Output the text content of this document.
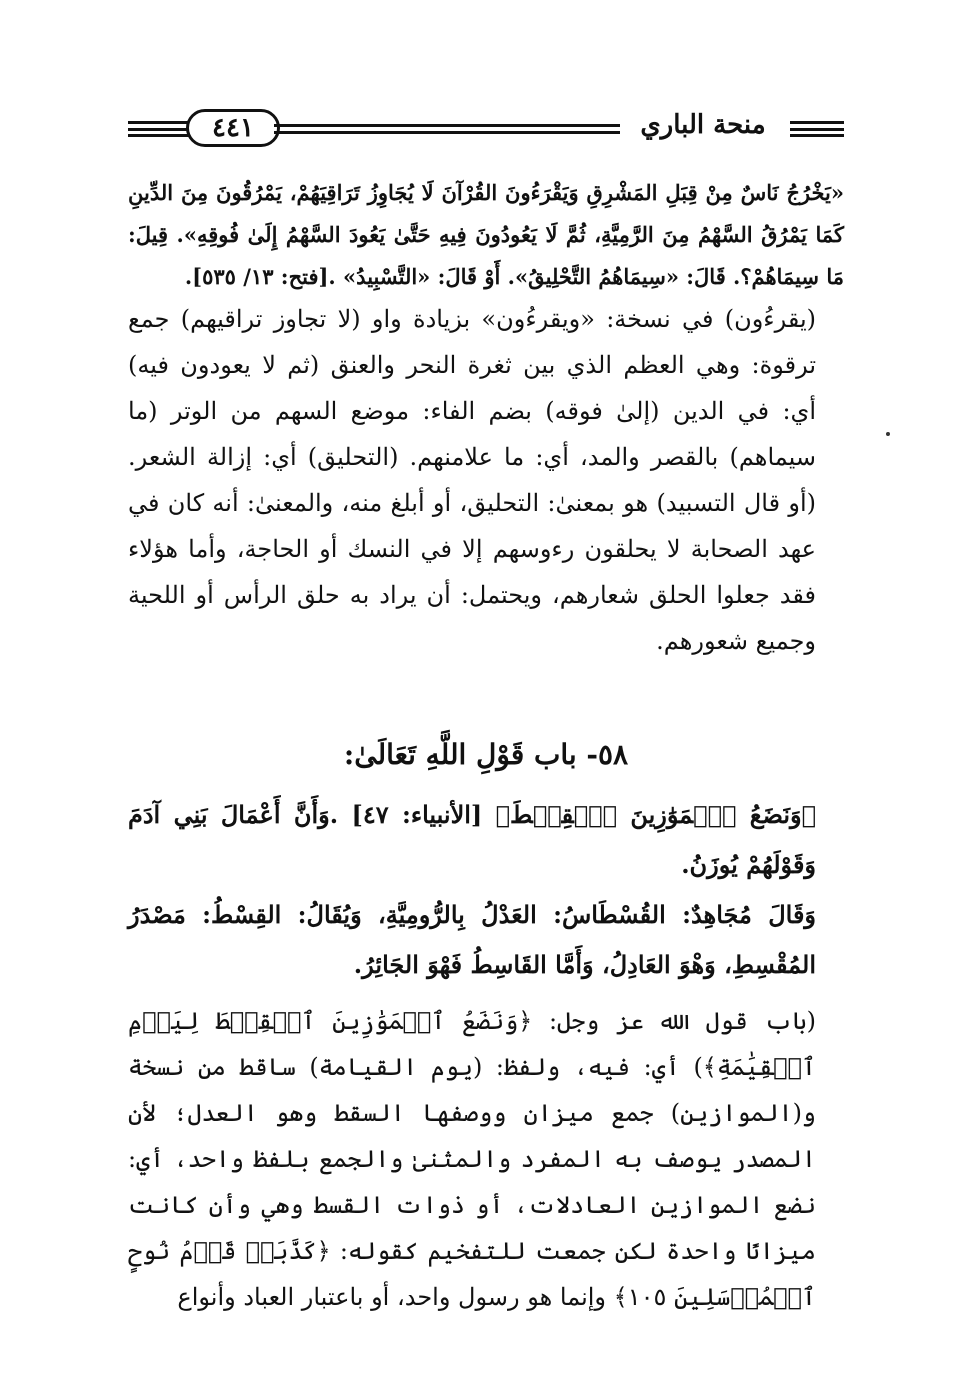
٤٤١	منحة الباري

«يَخْرُجُ نَاسٌ مِنْ قِبَلِ المَشْرِقِ وَيَقْرَءُونَ القُرْآنَ لَا يُجَاوِزُ تَرَاقِيَهُمْ، يَمْرُقُونَ مِنَ الدِّينِ كَمَا يَمْرُقُ السَّهْمُ مِنَ الرَّمِيَّةِ، ثُمَّ لَا يَعُودُونَ فِيهِ حَتَّىٰ يَعُودَ السَّهْمُ إِلَىٰ فُوقِهِ». قِيلَ: مَا سِيمَاهُمْ؟. قَالَ: «سِيمَاهُمُ التَّحْلِيقُ». أَوْ قَالَ: «التَّسْبِيدُ» .[فتح: ١٣/ ٥٣٥].

(يقرءُون) في نسخة: «ويقرءُون» بزيادة واو (لا تجاوز تراقيهم) جمع ترقوة: وهي العظم الذي بين ثغرة النحر والعنق (ثم لا يعودون فيه) أي: في الدين (إلىٰ فوقه) بضم الفاء: موضع السهم من الوتر (ما سيماهم) بالقصر والمد، أي: ما علامنهم. (التحليق) أي: إزالة الشعر. (أو قال التسبيد) هو بمعنىٰ: التحليق، أو أبلغ منه، والمعنىٰ: أنه كان في عهد الصحابة لا يحلقون رءوسهم إلا في النسك أو الحاجة، وأما هؤلاء فقد جعلوا الحلق شعارهم، ويحتمل: أن يراد به حلق الرأس أو اللحية وجميع شعورهم.

٥٨- باب قَوْلِ اللَّهِ تَعَالَىٰ:

﴿وَنَضَعُ ٱلۡمَوَٰزِينَ ٱلۡقِسۡطَ﴾ [الأنبياء: ٤٧] .وَأَنَّ أَعْمَالَ بَنِي آدَمَ وَقَوْلَهُمْ يُوزَنُ.

وَقَالَ مُجَاهِدٌ: القُسْطَاسُ: العَدْلُ بِالرُّومِيَّةِ، وَيُقَالُ: القِسْطُ: مَصْدَرُ المُقْسِطِ، وَهْوَ العَادِلُ، وَأَمَّا القَاسِطُ فَهْوَ الجَائِرُ.

(باب قول الله عز وجل: ﴿وَنَضَعُ ٱلۡمَوَٰزِينَ ٱلۡقِسۡطَ لِيَوۡمِ ٱلۡقِيَٰمَةِ﴾) أي: فيه، ولفظ: (يوم القيامة) ساقط من نسخة و(الموازين) جمع ميزان ووصفها السقط وهو العدل؛ لأن المصدر يوصف به المفرد والمثنىٰ والجمع بلفظ واحد، أي: نضع الموازين العادلات، أو ذوات القسط وهي وأن كانت ميزانًا واحدة لكن جمعت للتفخيم كقوله: ﴿كَذَّبَتۡ قَوۡمُ نُوحٍ ٱلۡمُرۡسَلِينَ ١٠٥﴾ وإنما هو رسول واحد، أو باعتبار العباد وأنواع
